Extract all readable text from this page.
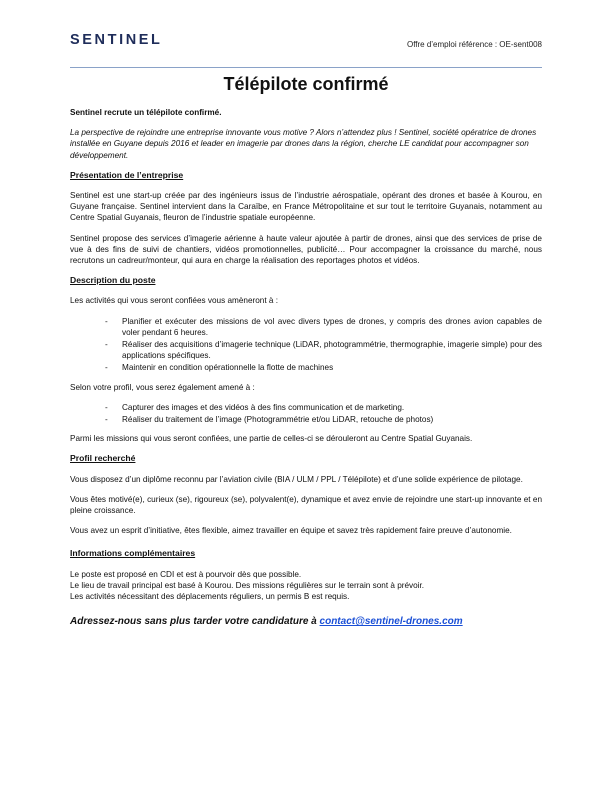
SENTINEL	Offre d’emploi référence : OE-sent008
Télépilote confirmé

Sentinel recrute un télépilote confirmé.

La perspective de rejoindre une entreprise innovante vous motive ? Alors n’attendez plus ! Sentinel, société opératrice de drones installée en Guyane depuis 2016 et leader en imagerie par drones dans la région, cherche LE candidat pour accompagner son développement.

Présentation de l’entreprise

Sentinel est une start-up créée par des ingénieurs issus de l’industrie aérospatiale, opérant des drones et basée à Kourou, en Guyane française. Sentinel intervient dans la Caraïbe, en France Métropolitaine et sur tout le territoire Guyanais, notamment au Centre Spatial Guyanais, fleuron de l’industrie spatiale européenne.

Sentinel propose des services d’imagerie aérienne à haute valeur ajoutée à partir de drones, ainsi que des services de prise de vue à des fins de suivi de chantiers, vidéos promotionnelles, publicité… Pour accompagner la croissance du marché, nous recrutons un cadreur/monteur, qui aura en charge la réalisation des reportages photos et vidéos.

Description du poste

Les activités qui vous seront confiées vous amèneront à :

- Planifier et exécuter des missions de vol avec divers types de drones, y compris des drones avion capables de voler pendant 6 heures.
- Réaliser des acquisitions d’imagerie technique (LiDAR, photogrammétrie, thermographie, imagerie simple) pour des applications spécifiques.
- Maintenir en condition opérationnelle la flotte de machines

Selon votre profil, vous serez également amené à :

- Capturer des images et des vidéos à des fins communication et de marketing.
- Réaliser du traitement de l’image (Photogrammétrie et/ou LiDAR, retouche de photos)

Parmi les missions qui vous seront confiées, une partie de celles-ci se dérouleront au Centre Spatial Guyanais.

Profil recherché

Vous disposez d’un diplôme reconnu par l’aviation civile (BIA / ULM / PPL / Télépilote) et d’une solide expérience de pilotage.

Vous êtes motivé(e), curieux (se), rigoureux (se), polyvalent(e), dynamique et avez envie de rejoindre une start-up innovante et en pleine croissance.

Vous avez un esprit d’initiative, êtes flexible, aimez travailler en équipe et savez très rapidement faire preuve d’autonomie.

Informations complémentaires

Le poste est proposé en CDI et est à pourvoir dès que possible.

Le lieu de travail principal est basé à Kourou. Des missions régulières sur le terrain sont à prévoir.

Les activités nécessitant des déplacements réguliers, un permis B est requis.

Adressez-nous sans plus tarder votre candidature à contact@sentinel-drones.com
